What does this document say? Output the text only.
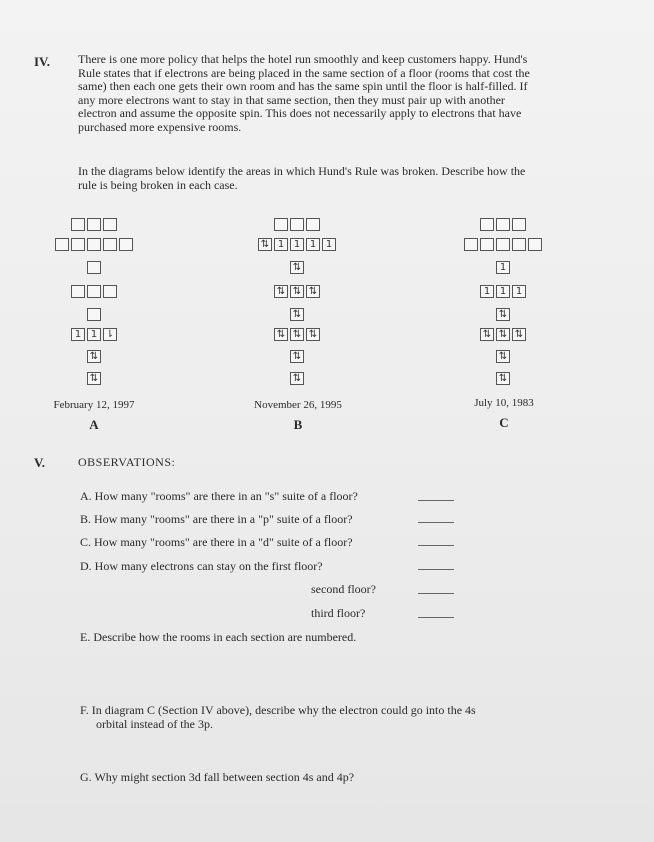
IV. There is one more policy that helps the hotel run smoothly and keep customers happy. Hund's
Rule states that if electrons are being placed in the same section of a floor (rooms that cost the
same) then each one gets their own room and has the same spin until the floor is half-filled. If
any more electrons want to stay in that same section, then they must pair up with another
electron and assume the opposite spin. This does not necessarily apply to electrons that have
purchased more expensive rooms.
In the diagrams below identify the areas in which Hund's Rule was broken. Describe how the
rule is being broken in each case.
1 1 ⇂
⇅
⇅
⇅ 1 1 1 1
⇅
⇅ ⇅ ⇅
⇅
⇅ ⇅ ⇅
⇅
⇅
1
1 1 1
⇅
⇅ ⇅ ⇅
⇅
⇅
February 12, 1997
A
November 26, 1995
B
July 10, 1983
C
V.	OBSERVATIONS:
A. How many "rooms" are there in an "s" suite of a floor?
B. How many "rooms" are there in a "p" suite of a floor?
C. How many "rooms" are there in a "d" suite of a floor?
D. How many electrons can stay on the first floor?
second floor?
third floor?
E. Describe how the rooms in each section are numbered.
F. In diagram C (Section IV above), describe why the electron could go into the 4s
orbital instead of the 3p.
G. Why might section 3d fall between section 4s and 4p?
